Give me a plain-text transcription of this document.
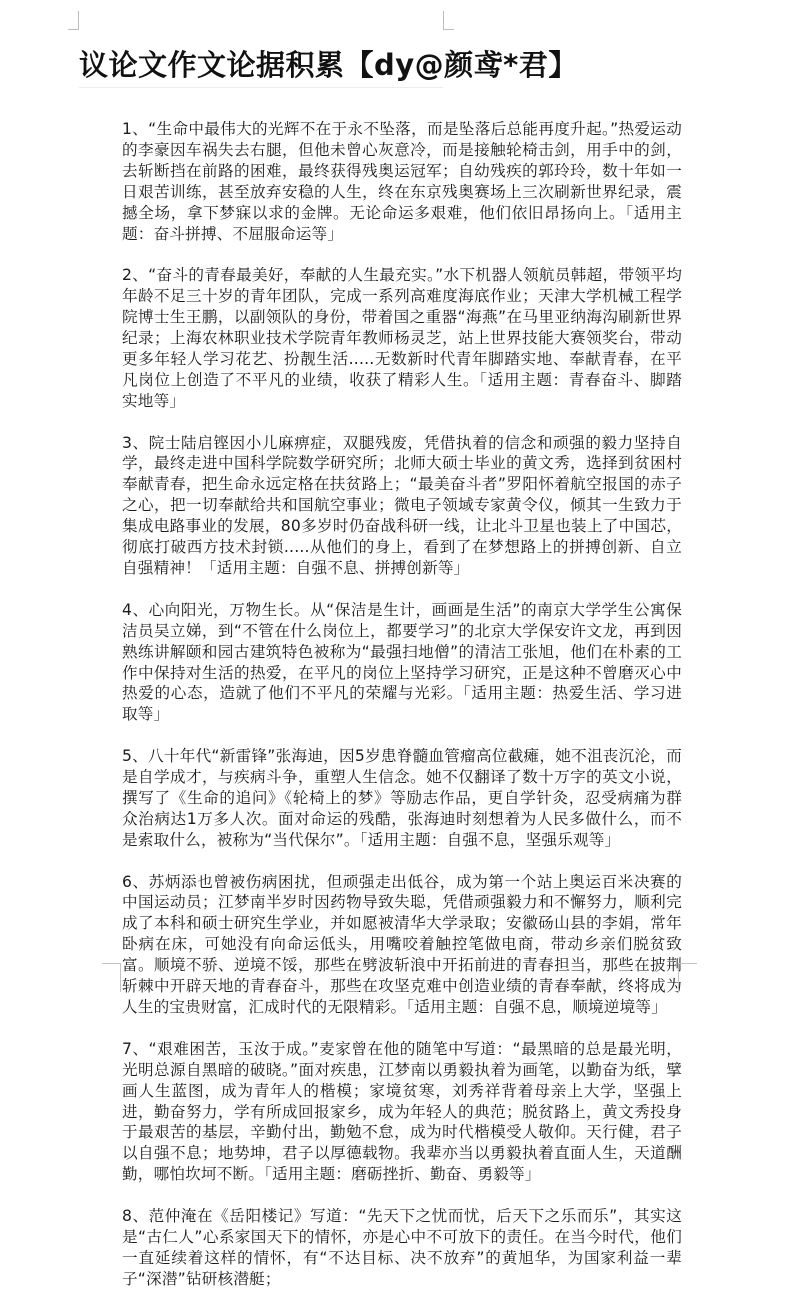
议论文作文论据积累【dy@颜鸢*君】

1、“生命中最伟大的光辉不在于永不坠落，而是坠落后总能再度升起。”热爱运动的李豪因车祸失去右腿，但他未曾心灰意冷，而是接触轮椅击剑，用手中的剑，去斩断挡在前路的困难，最终获得残奥运冠军；自幼残疾的郭玲玲，数十年如一日艰苦训练，甚至放弃安稳的人生，终在东京残奥赛场上三次刷新世界纪录，震撼全场，拿下梦寐以求的金牌。无论命运多艰难，他们依旧昂扬向上。「适用主题：奋斗拼搏、不屈服命运等」

2、“奋斗的青春最美好，奉献的人生最充实。”水下机器人领航员韩超，带领平均年龄不足三十岁的青年团队，完成一系列高难度海底作业；天津大学机械工程学院博士生王鹏，以副领队的身份，带着国之重器“海燕”在马里亚纳海沟刷新世界纪录；上海农林职业技术学院青年教师杨灵芝，站上世界技能大赛领奖台，带动更多年轻人学习花艺、扮靓生活.....无数新时代青年脚踏实地、奉献青春，在平凡岗位上创造了不平凡的业绩，收获了精彩人生。「适用主题：青春奋斗、脚踏实地等」

3、院士陆启铿因小儿麻痹症，双腿残废，凭借执着的信念和顽强的毅力坚持自学，最终走进中国科学院数学研究所；北师大硕士毕业的黄文秀，选择到贫困村奉献青春，把生命永远定格在扶贫路上；“最美奋斗者”罗阳怀着航空报国的赤子之心，把一切奉献给共和国航空事业；微电子领域专家黄令仪，倾其一生致力于集成电路事业的发展，80多岁时仍奋战科研一线，让北斗卫星也装上了中国芯，彻底打破西方技术封锁.....从他们的身上，看到了在梦想路上的拼搏创新、自立自强精神！「适用主题：自强不息、拼搏创新等」

4、心向阳光，万物生长。从“保洁是生计，画画是生活”的南京大学学生公寓保洁员吴立娣，到“不管在什么岗位上，都要学习”的北京大学保安许文龙，再到因熟练讲解颐和园古建筑特色被称为“最强扫地僧”的清洁工张旭，他们在朴素的工作中保持对生活的热爱，在平凡的岗位上坚持学习研究，正是这种不曾磨灭心中热爱的心态，造就了他们不平凡的荣耀与光彩。「适用主题：热爱生活、学习进取等」

5、八十年代“新雷锋”张海迪，因5岁患脊髓血管瘤高位截瘫，她不沮丧沉沦，而是自学成才，与疾病斗争，重塑人生信念。她不仅翻译了数十万字的英文小说，撰写了《生命的追问》《轮椅上的梦》等励志作品，更自学针灸，忍受病痛为群众治病达1万多人次。面对命运的残酷，张海迪时刻想着为人民多做什么，而不是索取什么，被称为“当代保尔”。「适用主题：自强不息，坚强乐观等」

6、苏炳添也曾被伤病困扰，但顽强走出低谷，成为第一个站上奥运百米决赛的中国运动员；江梦南半岁时因药物导致失聪，凭借顽强毅力和不懈努力，顺利完成了本科和硕士研究生学业，并如愿被清华大学录取；安徽砀山县的李娟，常年卧病在床，可她没有向命运低头，用嘴咬着触控笔做电商，带动乡亲们脱贫致富。顺境不骄、逆境不馁，那些在劈波斩浪中开拓前进的青春担当，那些在披荆斩棘中开辟天地的青春奋斗，那些在攻坚克难中创造业绩的青春奉献，终将成为人生的宝贵财富，汇成时代的无限精彩。「适用主题：自强不息，顺境逆境等」

7、“艰难困苦，玉汝于成。”麦家曾在他的随笔中写道：“最黑暗的总是最光明，光明总源自黑暗的破晓。”面对疾患，江梦南以勇毅执着为画笔，以勤奋为纸，擘画人生蓝图，成为青年人的楷模；家境贫寒，刘秀祥背着母亲上大学，坚强上进，勤奋努力，学有所成回报家乡，成为年轻人的典范；脱贫路上，黄文秀投身于最艰苦的基层，辛勤付出，勤勉不怠，成为时代楷模受人敬仰。天行健，君子以自强不息；地势坤，君子以厚德载物。我辈亦当以勇毅执着直面人生，天道酬勤，哪怕坎坷不断。「适用主题：磨砺挫折、勤奋、勇毅等」

8、范仲淹在《岳阳楼记》写道：“先天下之忧而忧，后天下之乐而乐”，其实这是“古仁人”心系家国天下的情怀，亦是心中不可放下的责任。在当今时代，他们一直延续着这样的情怀，有“不达目标、决不放弃”的黄旭华，为国家利益一辈子“深潜”钻研核潜艇；
